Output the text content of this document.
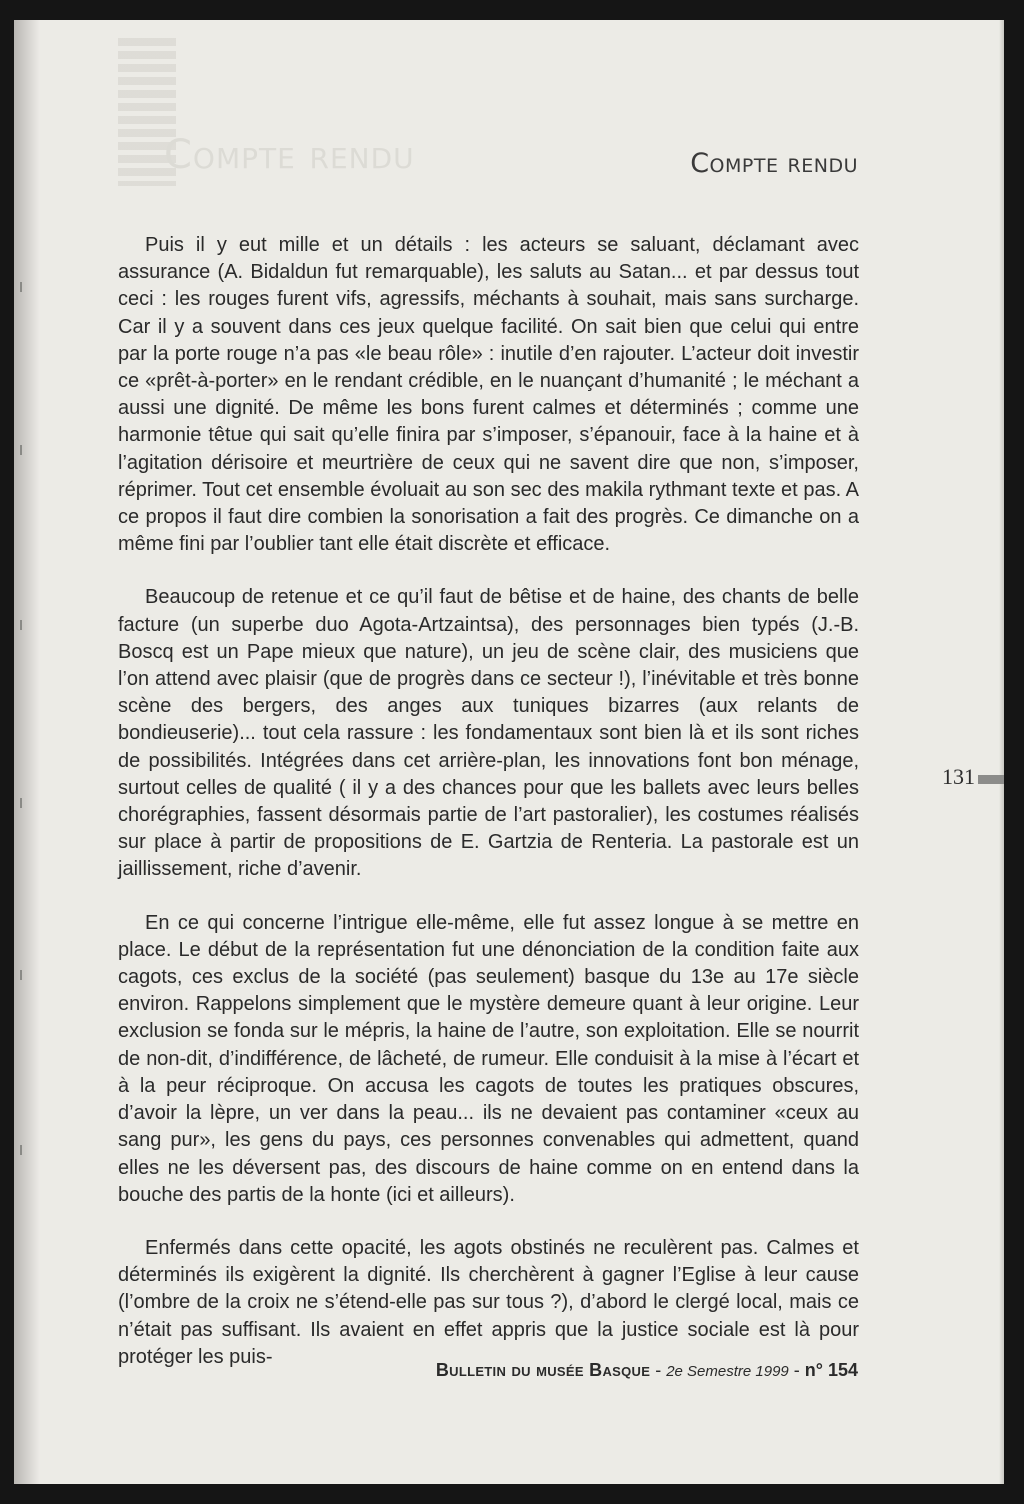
Compte rendu	Compte rendu

Puis il y eut mille et un détails : les acteurs se saluant, déclamant avec assurance (A. Bidaldun fut remarquable), les saluts au Satan... et par dessus tout ceci : les rouges furent vifs, agressifs, méchants à souhait, mais sans surcharge. Car il y a souvent dans ces jeux quelque facilité. On sait bien que celui qui entre par la porte rouge n’a pas «le beau rôle» : inutile d’en rajouter. L’acteur doit investir ce «prêt-à-porter» en le rendant crédible, en le nuançant d’humanité ; le méchant a aussi une dignité. De même les bons furent calmes et déterminés ; comme une harmonie têtue qui sait qu’elle finira par s’imposer, s’épanouir, face à la haine et à l’agitation dérisoire et meurtrière de ceux qui ne savent dire que non, s’imposer, réprimer. Tout cet ensemble évoluait au son sec des makila rythmant texte et pas. A ce propos il faut dire combien la sonorisation a fait des progrès. Ce dimanche on a même fini par l’oublier tant elle était discrète et efficace.

Beaucoup de retenue et ce qu’il faut de bêtise et de haine, des chants de belle facture (un superbe duo Agota-Artzaintsa), des personnages bien typés (J.-B. Boscq est un Pape mieux que nature), un jeu de scène clair, des musiciens que l’on attend avec plaisir (que de progrès dans ce secteur !), l’inévitable et très bonne scène des bergers, des anges aux tuniques bizarres (aux relants de bondieuserie)... tout cela rassure : les fondamentaux sont bien là et ils sont riches de possibilités. Intégrées dans cet arrière-plan, les innovations font bon ménage, surtout celles de qualité ( il y a des chances pour que les ballets avec leurs belles chorégraphies, fassent désormais partie de l’art pastoralier), les costumes réalisés sur place à partir de propositions de E. Gartzia de Renteria. La pastorale est un jaillissement, riche d’avenir.

En ce qui concerne l’intrigue elle-même, elle fut assez longue à se mettre en place. Le début de la représentation fut une dénonciation de la condition faite aux cagots, ces exclus de la société (pas seulement) basque du 13e au 17e siècle environ. Rappelons simplement que le mystère demeure quant à leur origine. Leur exclusion se fonda sur le mépris, la haine de l’autre, son exploitation. Elle se nourrit de non-dit, d’indifférence, de lâcheté, de rumeur. Elle conduisit à la mise à l’écart et à la peur réciproque. On accusa les cagots de toutes les pratiques obscures, d’avoir la lèpre, un ver dans la peau... ils ne devaient pas contaminer «ceux au sang pur», les gens du pays, ces personnes convenables qui admettent, quand elles ne les déversent pas, des discours de haine comme on en entend dans la bouche des partis de la honte (ici et ailleurs).

Enfermés dans cette opacité, les agots obstinés ne reculèrent pas. Calmes et déterminés ils exigèrent la dignité. Ils cherchèrent à gagner l’Eglise à leur cause (l’ombre de la croix ne s’étend-elle pas sur tous ?), d’abord le clergé local, mais ce n’était pas suffisant. Ils avaient en effet appris que la justice sociale est là pour protéger les puis-

131
Bulletin du musée Basque - 2e Semestre 1999 - n° 154
